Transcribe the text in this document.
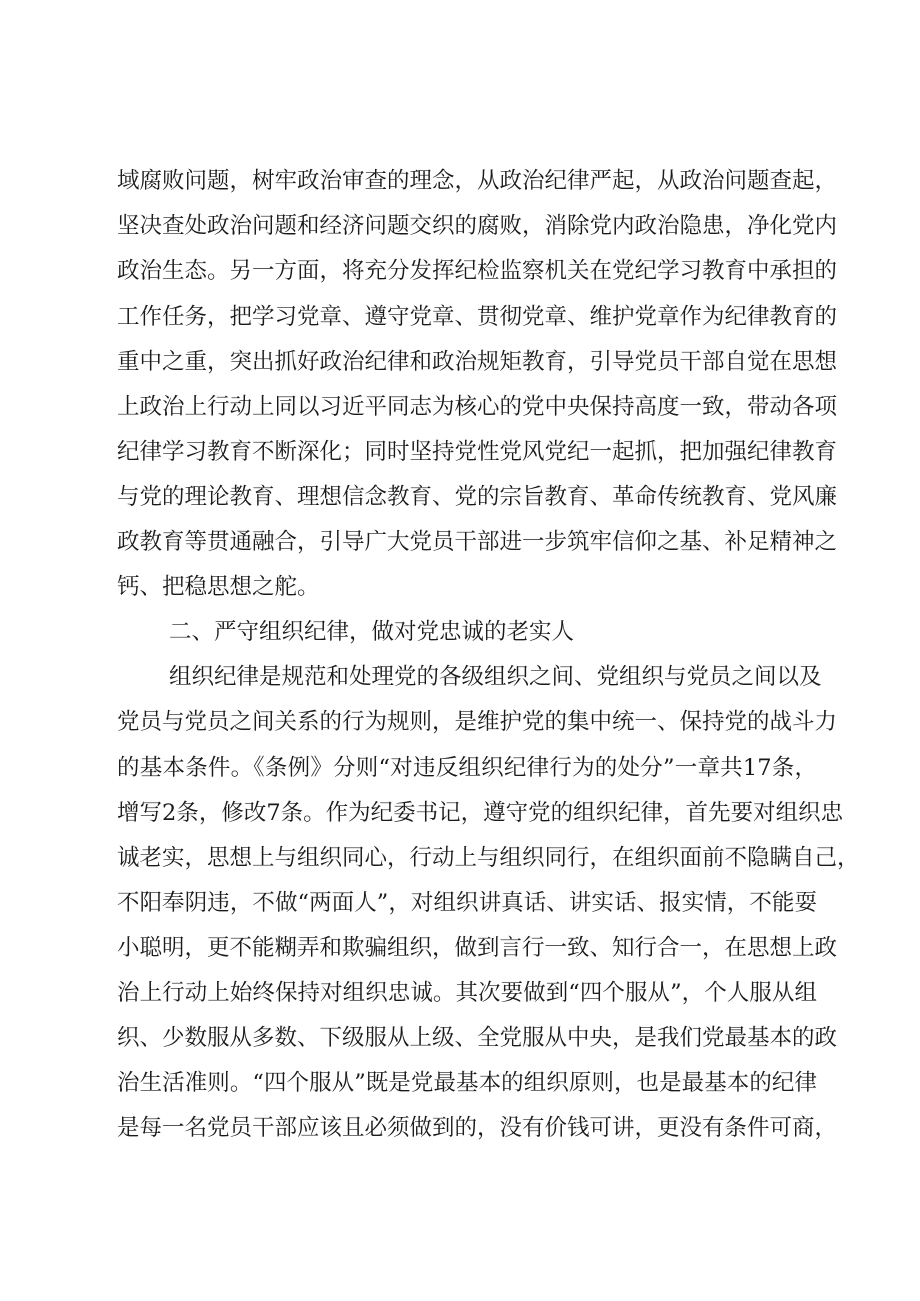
域腐败问题，树牢政治审查的理念，从政治纪律严起，从政治问题查起，
坚决查处政治问题和经济问题交织的腐败，消除党内政治隐患，净化党内
政治生态。另一方面，将充分发挥纪检监察机关在党纪学习教育中承担的
工作任务，把学习党章、遵守党章、贯彻党章、维护党章作为纪律教育的
重中之重，突出抓好政治纪律和政治规矩教育，引导党员干部自觉在思想
上政治上行动上同以习近平同志为核心的党中央保持高度一致，带动各项
纪律学习教育不断深化；同时坚持党性党风党纪一起抓，把加强纪律教育
与党的理论教育、理想信念教育、党的宗旨教育、革命传统教育、党风廉
政教育等贯通融合，引导广大党员干部进一步筑牢信仰之基、补足精神之
钙、把稳思想之舵。
二、严守组织纪律，做对党忠诚的老实人
组织纪律是规范和处理党的各级组织之间、党组织与党员之间以及
党员与党员之间关系的行为规则，是维护党的集中统一、保持党的战斗力
的基本条件。《条例》分则“对违反组织纪律行为的处分”一章共17条，
增写2条，修改7条。作为纪委书记，遵守党的组织纪律，首先要对组织忠
诚老实，思想上与组织同心，行动上与组织同行，在组织面前不隐瞒自己，
不阳奉阴违，不做“两面人”，对组织讲真话、讲实话、报实情，不能耍
小聪明，更不能糊弄和欺骗组织，做到言行一致、知行合一，在思想上政
治上行动上始终保持对组织忠诚。其次要做到“四个服从”，个人服从组
织、少数服从多数、下级服从上级、全党服从中央，是我们党最基本的政
治生活准则。“四个服从”既是党最基本的组织原则，也是最基本的纪律
是每一名党员干部应该且必须做到的，没有价钱可讲，更没有条件可商，
